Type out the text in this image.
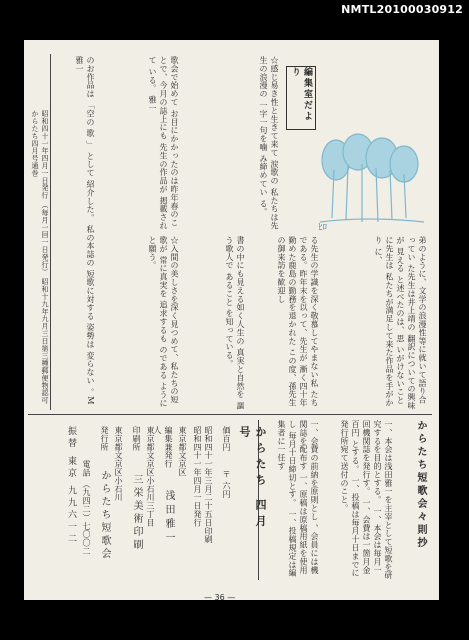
NMTL20100030912
編集室だより
ﾋﾛ
弟のように、文学の浪漫性等に就いて語り合 ってい た先生は井上靖の 翻訳についての興味が 見える と述べたのは、思 いがけないことに先生は 私たちが満足して来た作品を手がかり に、
る先生の学識を深く敬慕してやまない私 たちである。昨年末を以って、先生が 漸く四十年勤めた鹿島の勤務を退かれた この度、孫先生の御来訪を歓迎し
書の中にも見える如く人生の 真実と自然を 謳う歌人で あること を知っている。
☆感じ易き性と生きて来て 涙歌の 私たちは先生の浪漫の 一字一句を噛 み締めてい る。
歌会で始めて お目にかかったのは昨年春のことで、今月の誌上にも 先生の作品が 掲載されて いる。 雅一
☆入間の美しさを深く見つめて、私たちの短歌が 常に真実を 追求するも のである ように と願う。
のお作品は 「空の 歌 」 として 紹介した。 私の本誌の 短歌に対する 姿勢は 変らない 。M 雅一
昭和四十一年四月一日発行 （毎月一回一日発行） 昭和十九年九月三日第三種郵便物認可 からたち四月号通巻
からたち短歌会々則抄
一、本会は浅田雅一を主宰として短歌を研究するを目的とする。 一、本会は毎月一回機関誌を発行す。 一、会費は一箇月金百円 とする。 一、投稿は毎月十日までに発行所宛て送付のこと。
一、会費の前納を原則とし 、会員には機関誌を配布す 一、原稿は原稿用紙を使用し 毎月十日締切とす。 一、投稿規定は編集者に一任す
からたち 四月号
価百円
〒 六円
昭和四十一年三月二十五日印刷 昭和四十一年四月一日発行
東京都文京区
編集兼発行人
浅田雅一
東京都文京区小石川三丁目
印刷所
三栄美術印刷
東京都文京区小石川
発行所
からたち短歌会
電話 （九四二）七〇〇二
振替 東京 九九六一二
— 36 —
